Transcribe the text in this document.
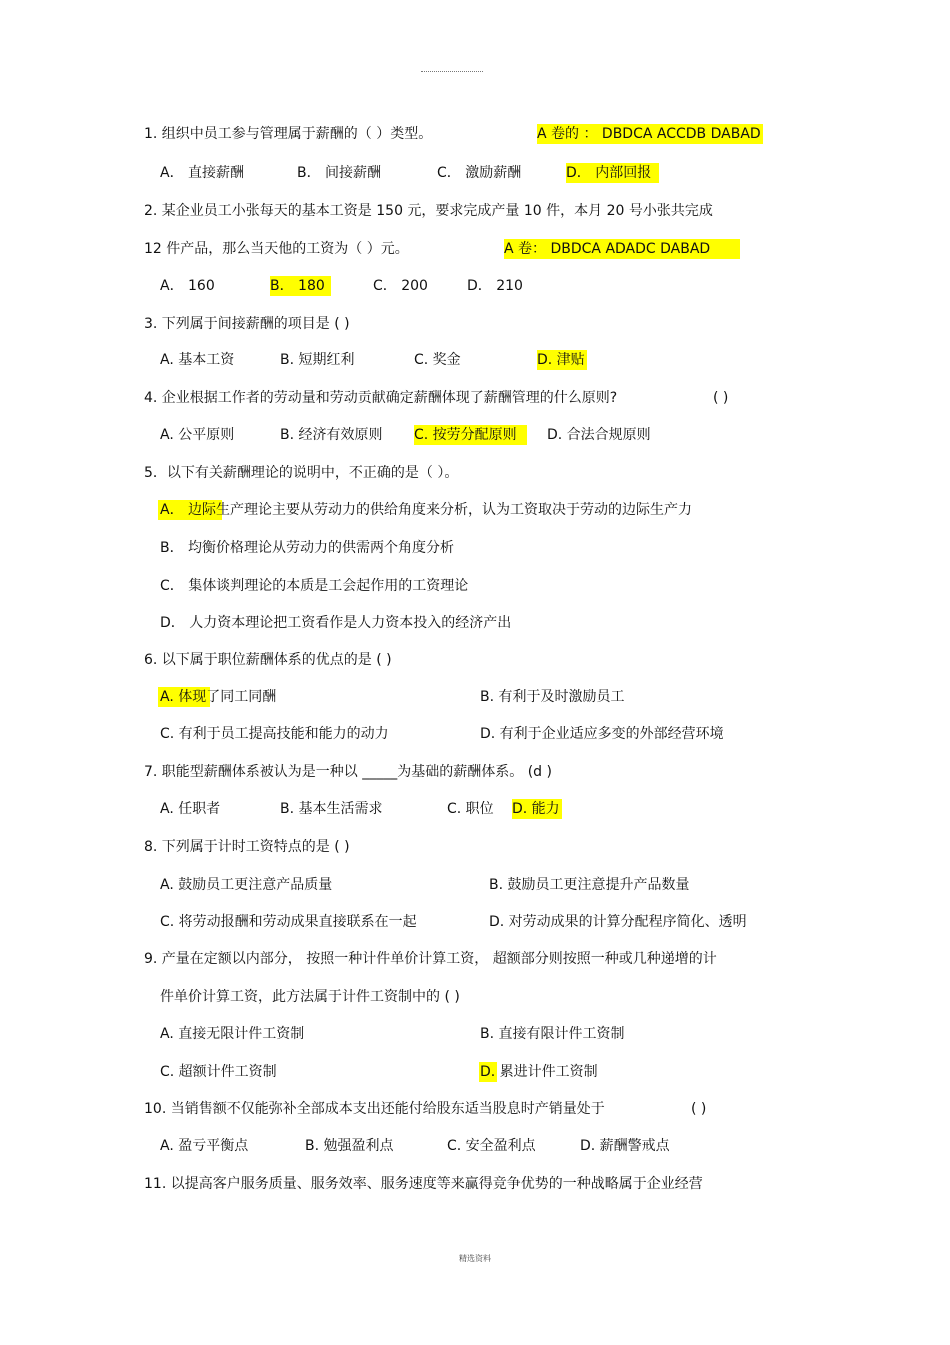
1. 组织中员工参与管理属于薪酬的（ ）类型。	A 卷的 ： DBDCA ACCDB DABAD
A． 直接薪酬	B． 间接薪酬	C． 激励薪酬	D． 内部回报
2. 某企业员工小张每天的基本工资是 150 元，要求完成产量 10 件，本月 20 号小张共完成
12 件产品，那么当天他的工资为（ ）元。	A 卷： DBDCA ADADC DABAD
A． 160	B． 180	C． 200	D． 210
3. 下列属于间接薪酬的项目是 ( )
A. 基本工资	B. 短期红利	C. 奖金	D. 津贴
4. 企业根据工作者的劳动量和劳动贡献确定薪酬体现了薪酬管理的什么原则?	( )
A. 公平原则	B. 经济有效原则 C. 按劳分配原则	D. 合法合规原则
5．以下有关薪酬理论的说明中，不正确的是（ ）。
A． 边际生产理论主要从劳动力的供给角度来分析，认为工资取决于劳动的边际生产力
B． 均衡价格理论从劳动力的供需两个角度分析
C． 集体谈判理论的本质是工会起作用的工资理论
D． 人力资本理论把工资看作是人力资本投入的经济产出
6. 以下属于职位薪酬体系的优点的是 ( )
A. 体现了同工同酬	B. 有利于及时激励员工
C. 有利于员工提高技能和能力的动力	D. 有利于企业适应多变的外部经营环境
7. 职能型薪酬体系被认为是一种以 _____为基础的薪酬体系。 (d )
A. 任职者	B. 基本生活需求	C. 职位 D. 能力
8. 下列属于计时工资特点的是 ( )
A. 鼓励员工更注意产品质量	B. 鼓励员工更注意提升产品数量
C. 将劳动报酬和劳动成果直接联系在一起	D. 对劳动成果的计算分配程序简化、透明
9. 产量在定额以内部分， 按照一种计件单价计算工资， 超额部分则按照一种或几种递增的计
件单价计算工资，此方法属于计件工资制中的 ( )
A. 直接无限计件工资制	B. 直接有限计件工资制
C. 超额计件工资制	D. 累进计件工资制
10. 当销售额不仅能弥补全部成本支出还能付给股东适当股息时产销量处于	( )
A. 盈亏平衡点	B. 勉强盈利点	C. 安全盈利点	D. 薪酬警戒点
11. 以提高客户服务质量、服务效率、服务速度等来赢得竞争优势的一种战略属于企业经营
精选资料
